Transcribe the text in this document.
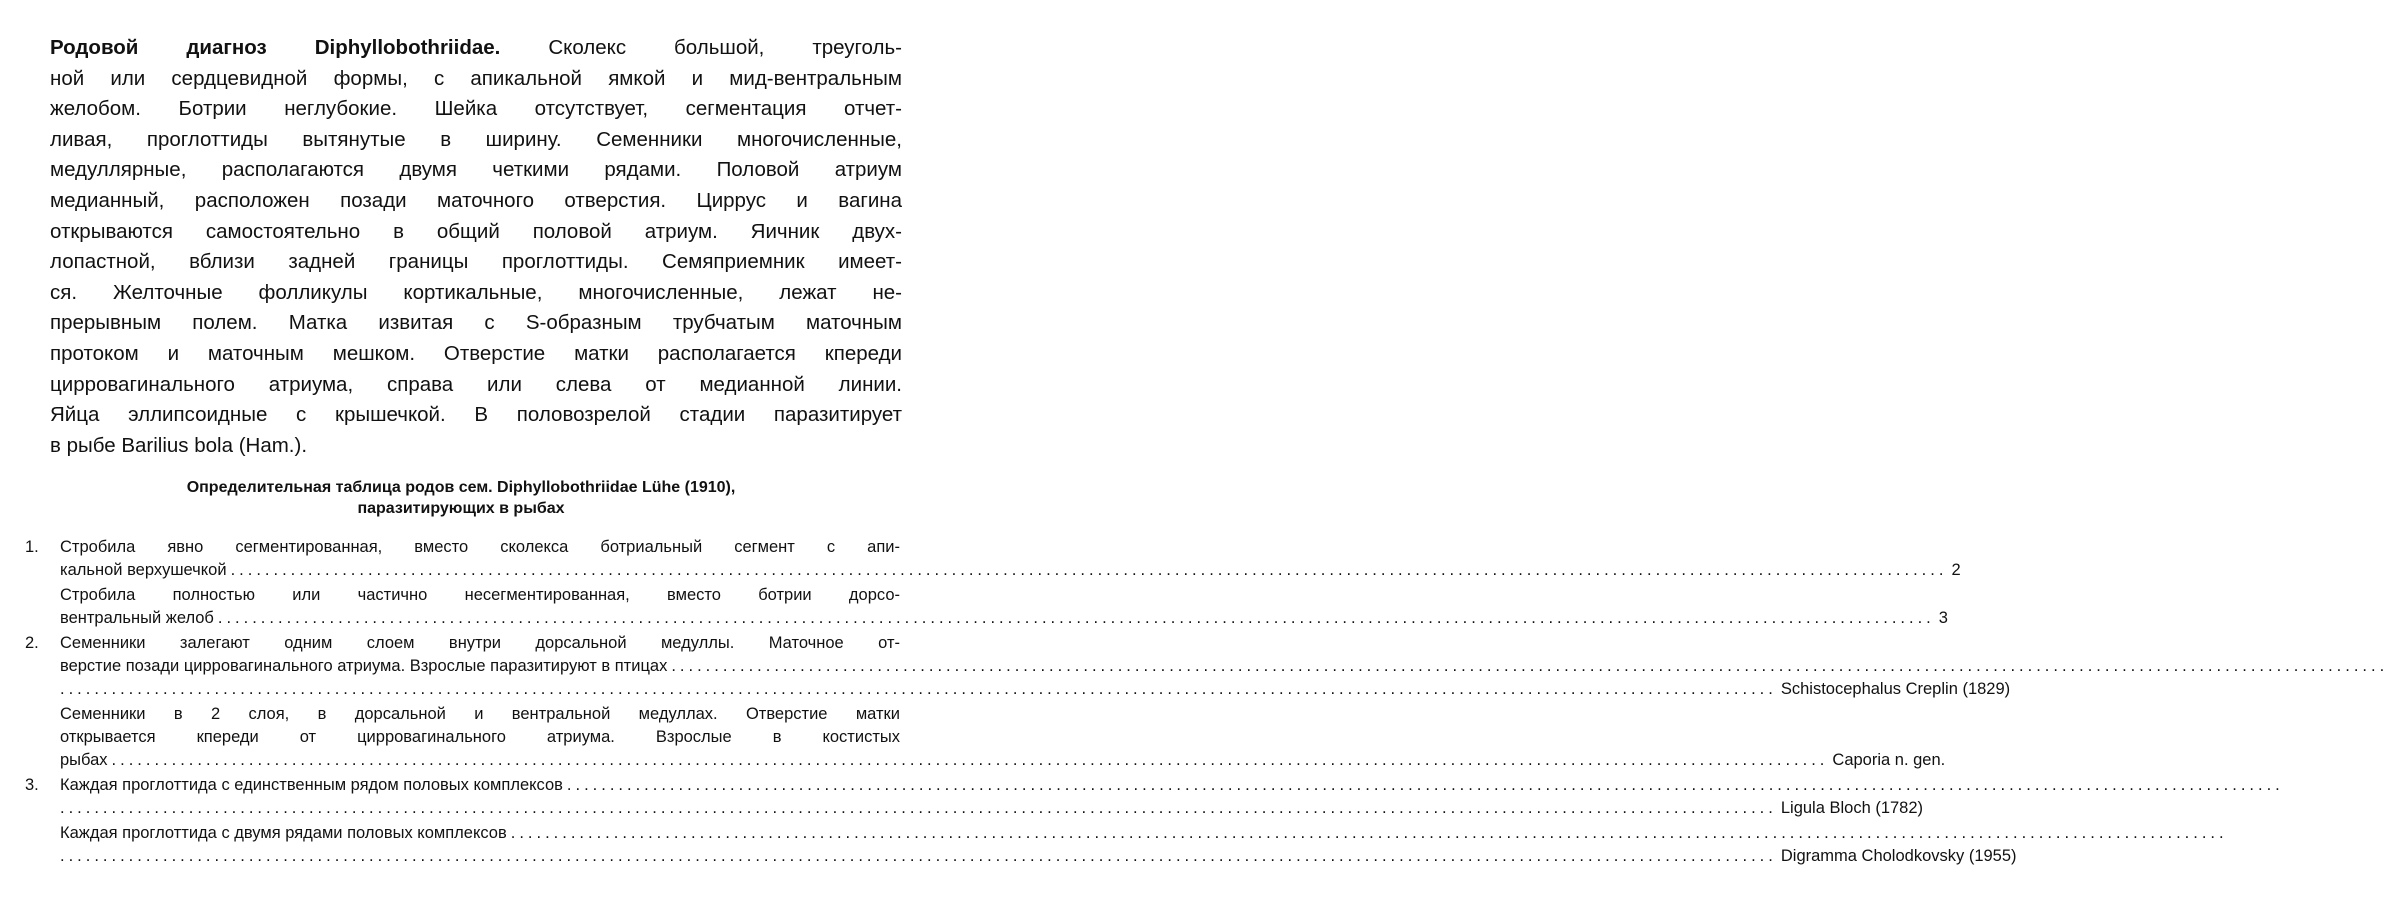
Родовой диагноз Diphyllobothriidae. Сколекс большой, треуголь-
ной или сердцевидной формы, с апикальной ямкой и мид-вентральным
желобом. Ботрии неглубокие. Шейка отсутствует, сегментация отчет-
ливая, проглоттиды вытянутые в ширину. Семенники многочисленные,
медуллярные, располагаются двумя четкими рядами. Половой атриум
медианный, расположен позади маточного отверстия. Циррус и вагина
открываются самостоятельно в общий половой атриум. Яичник двух-
лопастной, вблизи задней границы проглоттиды. Семяприемник имеет-
ся. Желточные фолликулы кортикальные, многочисленные, лежат не-
прерывным полем. Матка извитая с S-образным трубчатым маточным
протоком и маточным мешком. Отверстие матки располагается кпереди
цирровагинального атриума, справа или слева от медианной линии.
Яйца эллипсоидные с крышечкой. В половозрелой стадии паразитирует
в рыбе Barilius bola (Ham.).
Определительная таблица родов сем. Diphyllobothriidae Lühe (1910),
паразитирующих в рыбах
1. Стробила явно сегментированная, вместо сколекса ботриальный сегмент с апи-
кальной верхушечкой ........................................................................................................................................................................................................ 2
Стробила полностью или частично несегментированная, вместо ботрии дорсо-
вентральный желоб ........................................................................................................................................................................................................ 3
2. Семенники залегают одним слоем внутри дорсальной медуллы. Маточное от-
верстие позади цирровагинального атриума. Взрослые паразитируют в птицах ........................................................................................................................................................................................................
........................................................................................................................................................................................................ Schistocephalus Creplin (1829)
Семенники в 2 слоя, в дорсальной и вентральной медуллах. Отверстие матки
открывается кпереди от цирровагинального атриума. Взрослые в костистых
рыбах ........................................................................................................................................................................................................ Caporia n. gen.
3. Каждая проглоттида с единственным рядом половых комплексов ........................................................................................................................................................................................................
........................................................................................................................................................................................................ Ligula Bloch (1782)
Каждая проглоттида с двумя рядами половых комплексов ........................................................................................................................................................................................................
........................................................................................................................................................................................................ Digramma Cholodkovsky (1955)
